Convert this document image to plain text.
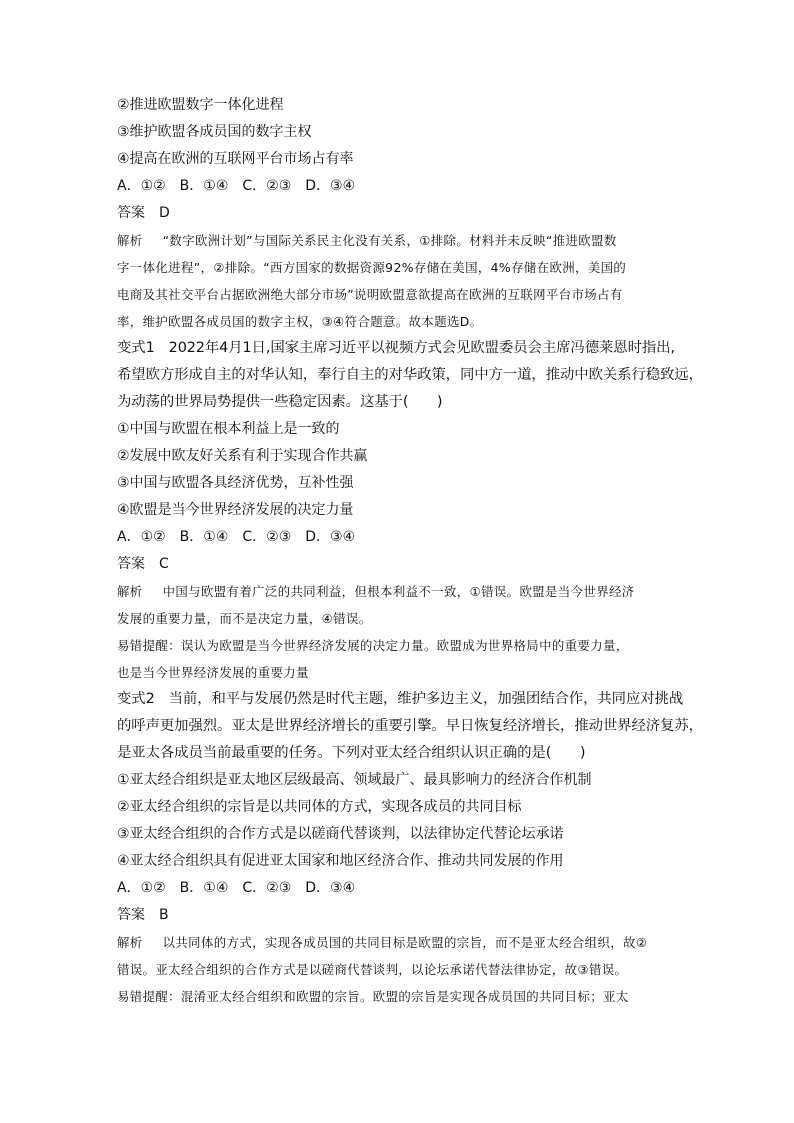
②推进欧盟数字一体化进程
③维护欧盟各成员国的数字主权
④提高在欧洲的互联网平台市场占有率
A．①②　B．①④　C．②③　D．③④
答案 D
解析 “数字欧洲计划”与国际关系民主化没有关系，①排除。材料并未反映“推进欧盟数
字一体化进程”，②排除。“西方国家的数据资源92%存储在美国，4%存储在欧洲，美国的
电商及其社交平台占据欧洲绝大部分市场”说明欧盟意欲提高在欧洲的互联网平台市场占有
率，维护欧盟各成员国的数字主权，③④符合题意。故本题选D。
变式1 2022年4月1日,国家主席习近平以视频方式会见欧盟委员会主席冯德莱恩时指出,
希望欧方形成自主的对华认知，奉行自主的对华政策，同中方一道，推动中欧关系行稳致远，
为动荡的世界局势提供一些稳定因素。这基于(　　)
①中国与欧盟在根本利益上是一致的
②发展中欧友好关系有利于实现合作共赢
③中国与欧盟各具经济优势，互补性强
④欧盟是当今世界经济发展的决定力量
A．①②　B．①④　C．②③　D．③④
答案 C
解析 中国与欧盟有着广泛的共同利益，但根本利益不一致，①错误。欧盟是当今世界经济
发展的重要力量，而不是决定力量，④错误。
易错提醒：误认为欧盟是当今世界经济发展的决定力量。欧盟成为世界格局中的重要力量，
也是当今世界经济发展的重要力量
变式2 当前，和平与发展仍然是时代主题，维护多边主义，加强团结合作，共同应对挑战
的呼声更加强烈。亚太是世界经济增长的重要引擎。早日恢复经济增长，推动世界经济复苏，
是亚太各成员当前最重要的任务。下列对亚太经合组织认识正确的是(　　)
①亚太经合组织是亚太地区层级最高、领域最广、最具影响力的经济合作机制
②亚太经合组织的宗旨是以共同体的方式，实现各成员的共同目标
③亚太经合组织的合作方式是以磋商代替谈判，以法律协定代替论坛承诺
④亚太经合组织具有促进亚太国家和地区经济合作、推动共同发展的作用
A．①②　B．①④　C．②③　D．③④
答案 B
解析 以共同体的方式，实现各成员国的共同目标是欧盟的宗旨，而不是亚太经合组织，故②
错误。亚太经合组织的合作方式是以磋商代替谈判，以论坛承诺代替法律协定，故③错误。
易错提醒：混淆亚太经合组织和欧盟的宗旨。欧盟的宗旨是实现各成员国的共同目标；亚太
